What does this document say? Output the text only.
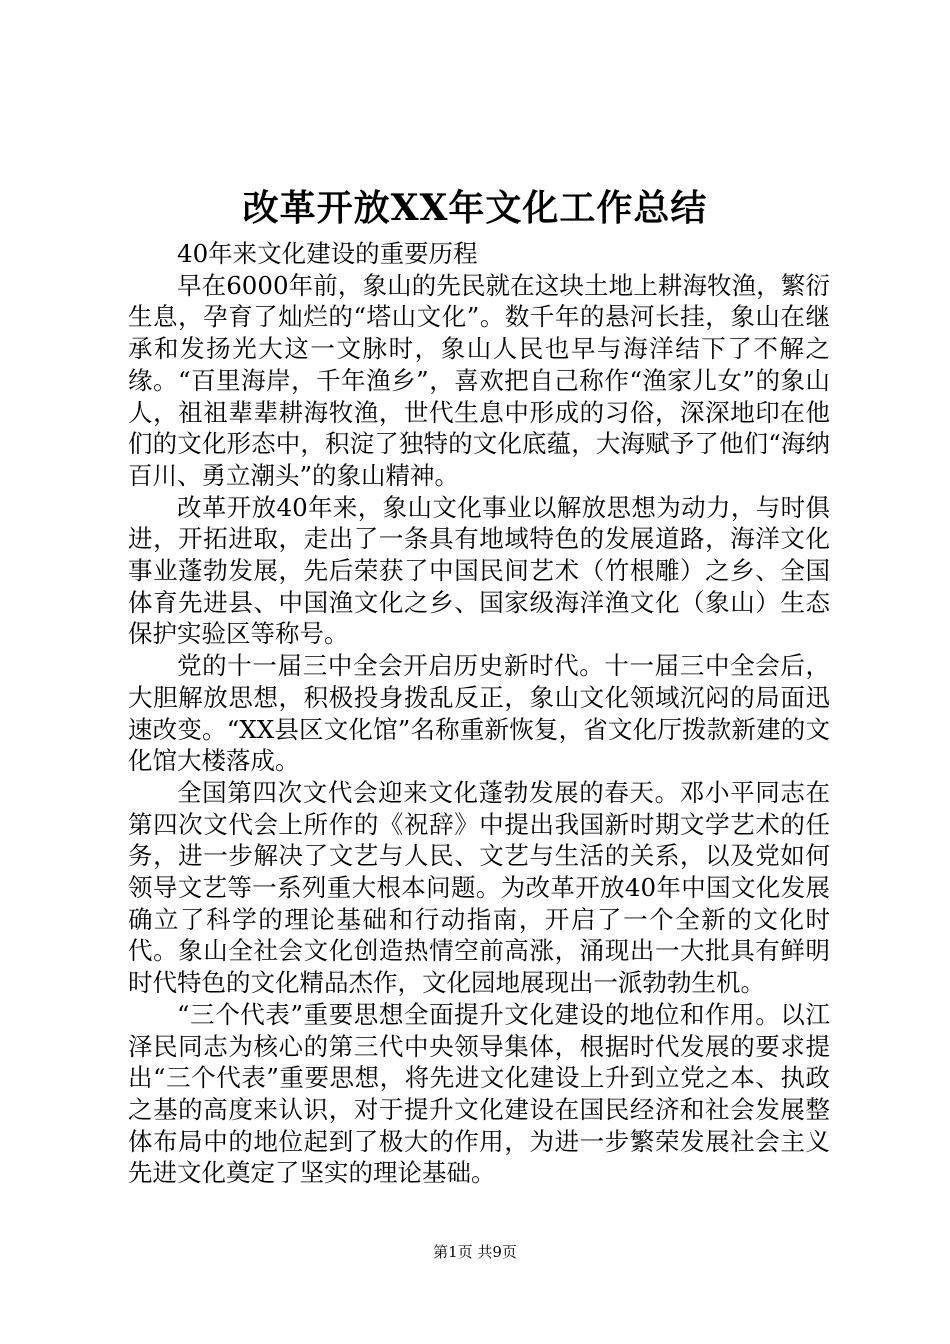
改革开放XX年文化工作总结

40年来文化建设的重要历程

早在6000年前，象山的先民就在这块土地上耕海牧渔，繁衍生息，孕育了灿烂的“塔山文化”。数千年的悬河长挂，象山在继承和发扬光大这一文脉时，象山人民也早与海洋结下了不解之缘。“百里海岸，千年渔乡”，喜欢把自己称作“渔家儿女”的象山人，祖祖辈辈耕海牧渔，世代生息中形成的习俗，深深地印在他们的文化形态中，积淀了独特的文化底蕴，大海赋予了他们“海纳百川、勇立潮头”的象山精神。

改革开放40年来，象山文化事业以解放思想为动力，与时俱进，开拓进取，走出了一条具有地域特色的发展道路，海洋文化事业蓬勃发展，先后荣获了中国民间艺术（竹根雕）之乡、全国体育先进县、中国渔文化之乡、国家级海洋渔文化（象山）生态保护实验区等称号。

党的十一届三中全会开启历史新时代。十一届三中全会后，大胆解放思想，积极投身拨乱反正，象山文化领域沉闷的局面迅速改变。“XX县区文化馆”名称重新恢复，省文化厅拨款新建的文化馆大楼落成。

全国第四次文代会迎来文化蓬勃发展的春天。邓小平同志在第四次文代会上所作的《祝辞》中提出我国新时期文学艺术的任务，进一步解决了文艺与人民、文艺与生活的关系，以及党如何领导文艺等一系列重大根本问题。为改革开放40年中国文化发展确立了科学的理论基础和行动指南，开启了一个全新的文化时代。象山全社会文化创造热情空前高涨，涌现出一大批具有鲜明时代特色的文化精品杰作，文化园地展现出一派勃勃生机。

“三个代表”重要思想全面提升文化建设的地位和作用。以江泽民同志为核心的第三代中央领导集体，根据时代发展的要求提出“三个代表”重要思想，将先进文化建设上升到立党之本、执政之基的高度来认识，对于提升文化建设在国民经济和社会发展整体布局中的地位起到了极大的作用，为进一步繁荣发展社会主义先进文化奠定了坚实的理论基础。

第1页 共9页
